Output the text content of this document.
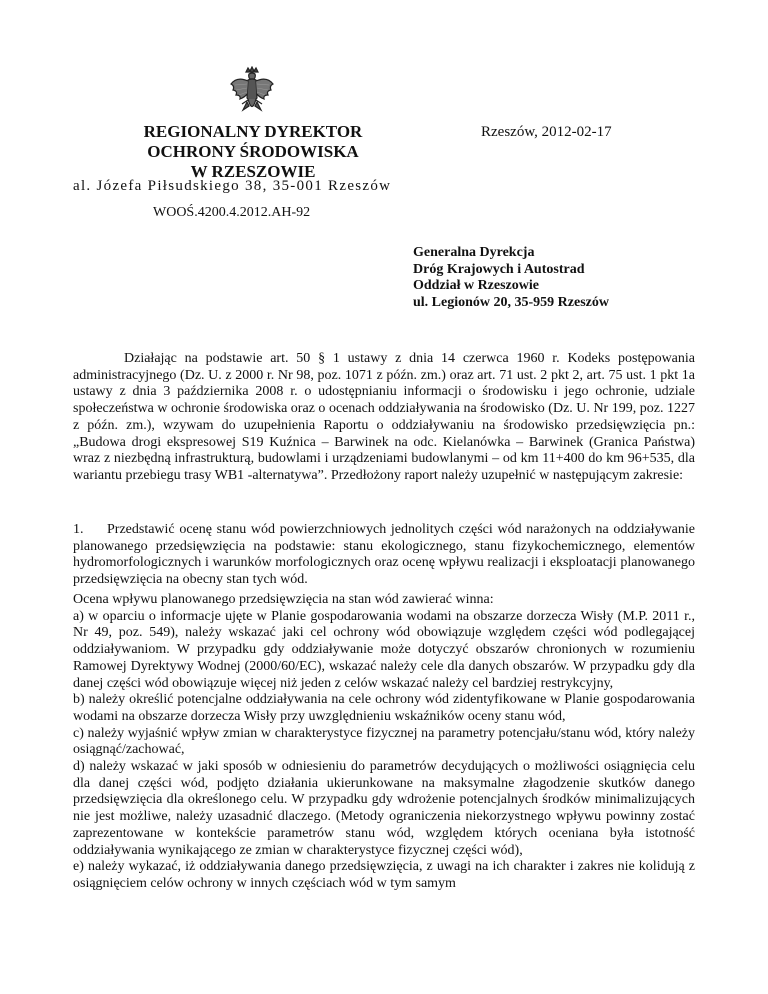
REGIONALNY DYREKTOR
OCHRONY ŚRODOWISKA
W RZESZOWIE
Rzeszów, 2012-02-17
al. Józefa Piłsudskiego 38, 35-001 Rzeszów
WOOŚ.4200.4.2012.AH-92
Generalna Dyrekcja
Dróg Krajowych i Autostrad
Oddział w Rzeszowie
ul. Legionów 20, 35-959 Rzeszów
Działając na podstawie art. 50 § 1 ustawy z dnia 14 czerwca 1960 r. Kodeks postępowania administracyjnego (Dz. U. z 2000 r. Nr 98, poz. 1071 z późn. zm.) oraz art. 71 ust. 2 pkt 2, art. 75 ust. 1 pkt 1a ustawy z dnia 3 października 2008 r. o udostępnianiu informacji o środowisku i jego ochronie, udziale społeczeństwa w ochronie środowiska oraz o ocenach oddziaływania na środowisko (Dz. U. Nr 199, poz. 1227 z późn. zm.), wzywam do uzupełnienia Raportu o oddziaływaniu na środowisko przedsięwzięcia pn.: „Budowa drogi ekspresowej S19 Kuźnica – Barwinek na odc. Kielanówka – Barwinek (Granica Państwa) wraz z niezbędną infrastrukturą, budowlami i urządzeniami budowlanymi – od km 11+400 do km 96+535, dla wariantu przebiegu trasy WB1 -alternatywa”. Przedłożony raport należy uzupełnić w następującym zakresie:
1. Przedstawić ocenę stanu wód powierzchniowych jednolitych części wód narażonych na oddziaływanie planowanego przedsięwzięcia na podstawie: stanu ekologicznego, stanu fizykochemicznego, elementów hydromorfologicznych i warunków morfologicznych oraz ocenę wpływu realizacji i eksploatacji planowanego przedsięwzięcia na obecny stan tych wód.

Ocena wpływu planowanego przedsięwzięcia na stan wód zawierać winna:

a) w oparciu o informacje ujęte w Planie gospodarowania wodami na obszarze dorzecza Wisły (M.P. 2011 r., Nr 49, poz. 549), należy wskazać jaki cel ochrony wód obowiązuje względem części wód podlegającej oddziaływaniom. W przypadku gdy oddziaływanie może dotyczyć obszarów chronionych w rozumieniu Ramowej Dyrektywy Wodnej (2000/60/EC), wskazać należy cele dla danych obszarów. W przypadku gdy dla danej części wód obowiązuje więcej niż jeden z celów wskazać należy cel bardziej restrykcyjny,

b) należy określić potencjalne oddziaływania na cele ochrony wód zidentyfikowane w Planie gospodarowania wodami na obszarze dorzecza Wisły przy uwzględnieniu wskaźników oceny stanu wód,

c) należy wyjaśnić wpływ zmian w charakterystyce fizycznej na parametry potencjału/stanu wód, który należy osiągnąć/zachować,

d) należy wskazać w jaki sposób w odniesieniu do parametrów decydujących o możliwości osiągnięcia celu dla danej części wód, podjęto działania ukierunkowane na maksymalne złagodzenie skutków danego przedsięwzięcia dla określonego celu. W przypadku gdy wdrożenie potencjalnych środków minimalizujących nie jest możliwe, należy uzasadnić dlaczego. (Metody ograniczenia niekorzystnego wpływu powinny zostać zaprezentowane w kontekście parametrów stanu wód, względem których oceniana była istotność oddziaływania wynikającego ze zmian w charakterystyce fizycznej części wód),

e) należy wykazać, iż oddziaływania danego przedsięwzięcia, z uwagi na ich charakter i zakres nie kolidują z osiągnięciem celów ochrony w innych częściach wód w tym samym
